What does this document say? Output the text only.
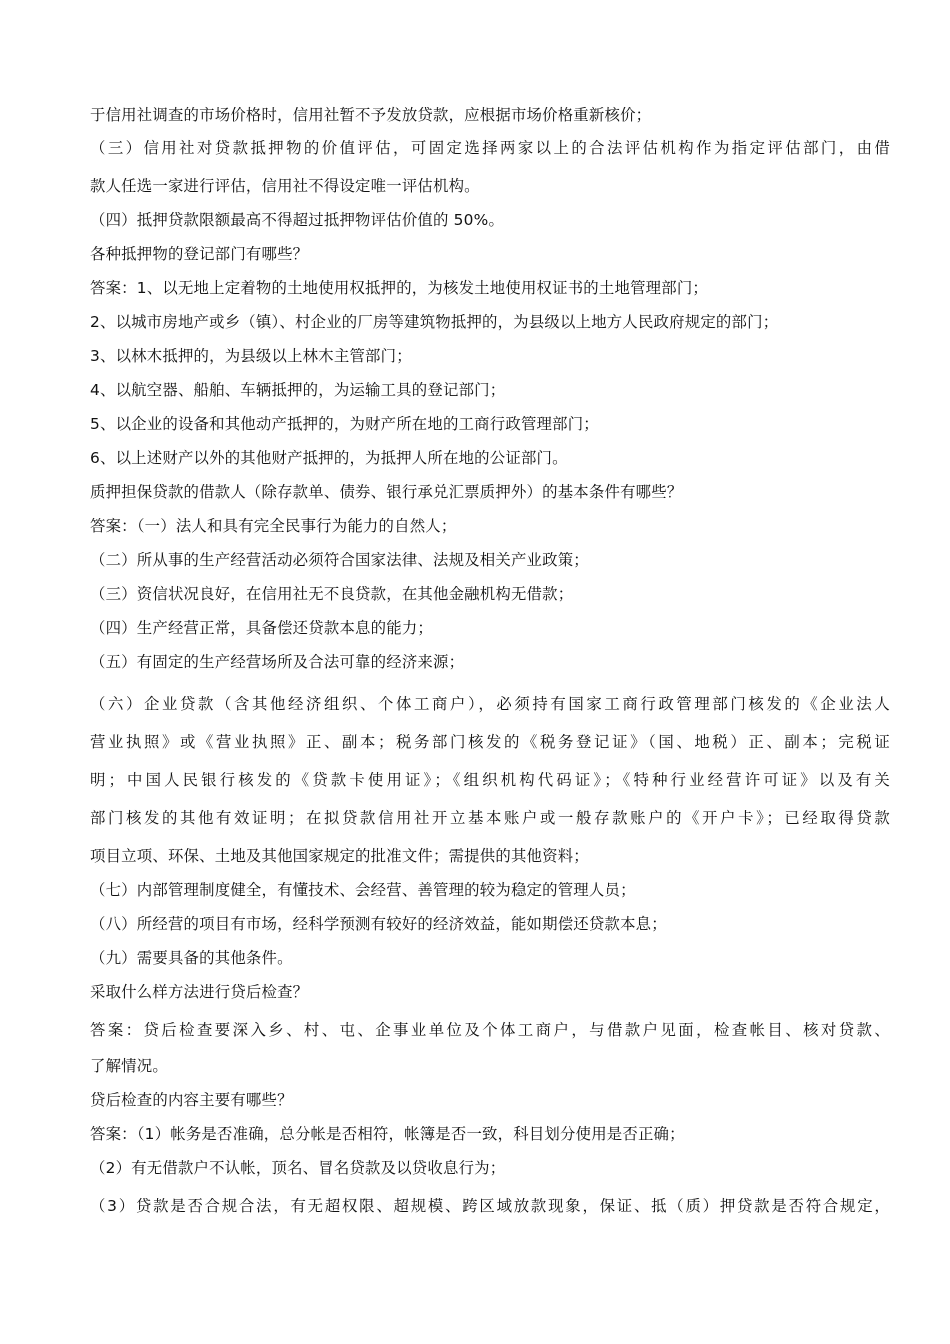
于信用社调查的市场价格时，信用社暂不予发放贷款，应根据市场价格重新核价；
（三）信用社对贷款抵押物的价值评估，可固定选择两家以上的合法评估机构作为指定评估部门，由借
款人任选一家进行评估，信用社不得设定唯一评估机构。
（四）抵押贷款限额最高不得超过抵押物评估价值的 50%。
各种抵押物的登记部门有哪些？
答案：1、以无地上定着物的土地使用权抵押的，为核发土地使用权证书的土地管理部门；
2、以城市房地产或乡（镇）、村企业的厂房等建筑物抵押的，为县级以上地方人民政府规定的部门；
3、以林木抵押的，为县级以上林木主管部门；
4、以航空器、船舶、车辆抵押的，为运输工具的登记部门；
5、以企业的设备和其他动产抵押的，为财产所在地的工商行政管理部门；
6、以上述财产以外的其他财产抵押的，为抵押人所在地的公证部门。
质押担保贷款的借款人（除存款单、债券、银行承兑汇票质押外）的基本条件有哪些？
答案：（一）法人和具有完全民事行为能力的自然人；
（二）所从事的生产经营活动必须符合国家法律、法规及相关产业政策；
（三）资信状况良好，在信用社无不良贷款，在其他金融机构无借款；
（四）生产经营正常，具备偿还贷款本息的能力；
（五）有固定的生产经营场所及合法可靠的经济来源；
（六）企业贷款（含其他经济组织、个体工商户），必须持有国家工商行政管理部门核发的《企业法人
营业执照》或《营业执照》正、副本；税务部门核发的《税务登记证》（国、地税）正、副本；完税证
明；中国人民银行核发的《贷款卡使用证》；《组织机构代码证》；《特种行业经营许可证》以及有关
部门核发的其他有效证明；在拟贷款信用社开立基本账户或一般存款账户的《开户卡》；已经取得贷款
项目立项、环保、土地及其他国家规定的批准文件；需提供的其他资料；
（七）内部管理制度健全，有懂技术、会经营、善管理的较为稳定的管理人员；
（八）所经营的项目有市场，经科学预测有较好的经济效益，能如期偿还贷款本息；
（九）需要具备的其他条件。
采取什么样方法进行贷后检查？
答案：贷后检查要深入乡、村、屯、企事业单位及个体工商户，与借款户见面，检查帐目、核对贷款、
了解情况。
贷后检查的内容主要有哪些？
答案：（1）帐务是否准确，总分帐是否相符，帐簿是否一致，科目划分使用是否正确；
（2）有无借款户不认帐，顶名、冒名贷款及以贷收息行为；
（3）贷款是否合规合法，有无超权限、超规模、跨区域放款现象，保证、抵（质）押贷款是否符合规定，
